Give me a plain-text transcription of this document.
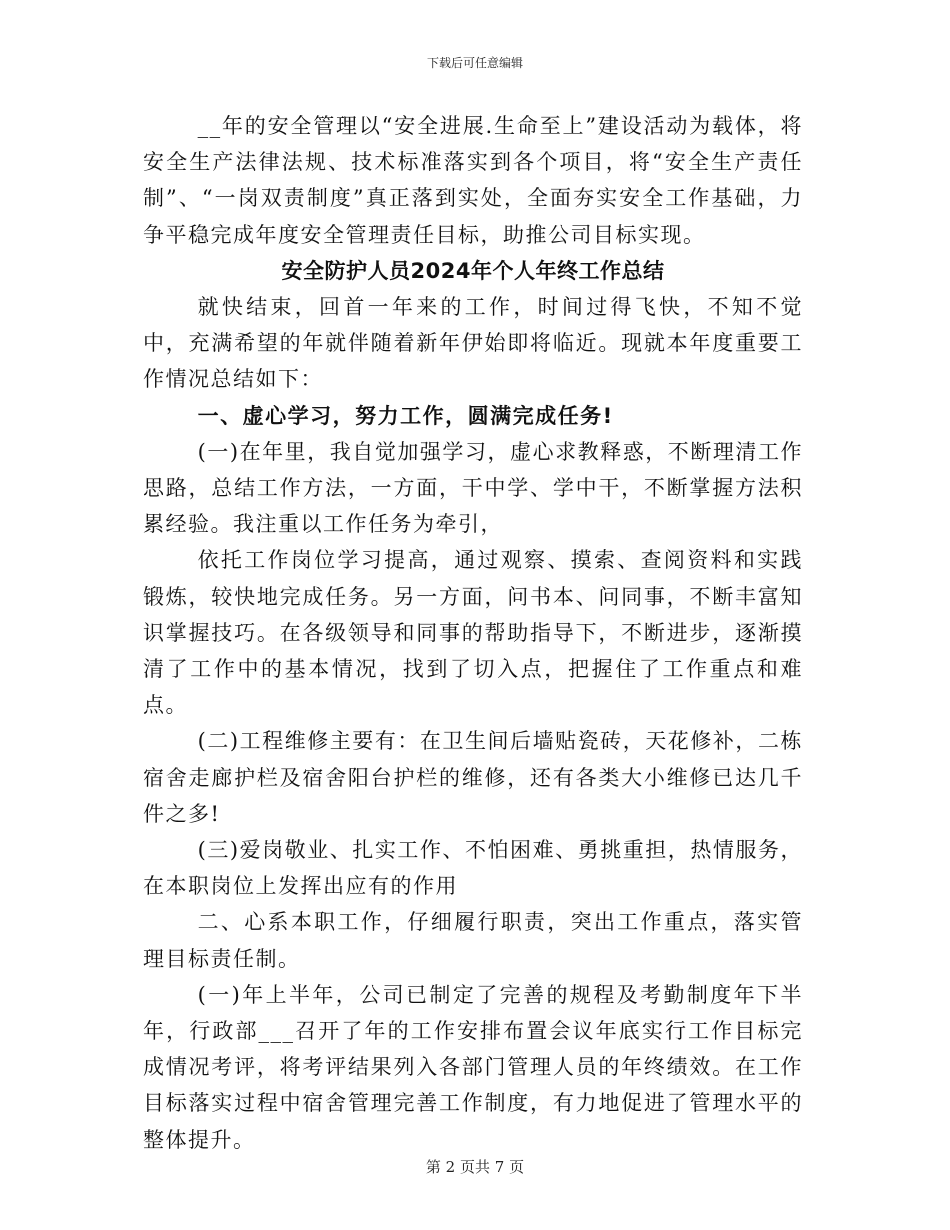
下载后可任意编辑

__年的安全管理以“安全进展.生命至上”建设活动为载体，将安全生产法律法规、技术标准落实到各个项目，将“安全生产责任制”、“一岗双责制度”真正落到实处，全面夯实安全工作基础，力争平稳完成年度安全管理责任目标，助推公司目标实现。

安全防护人员2024年个人年终工作总结

就快结束，回首一年来的工作，时间过得飞快，不知不觉中，充满希望的年就伴随着新年伊始即将临近。现就本年度重要工作情况总结如下：

一、虚心学习，努力工作，圆满完成任务!

(一)在年里，我自觉加强学习，虚心求教释惑，不断理清工作思路，总结工作方法，一方面，干中学、学中干，不断掌握方法积累经验。我注重以工作任务为牵引，

依托工作岗位学习提高，通过观察、摸索、查阅资料和实践锻炼，较快地完成任务。另一方面，问书本、问同事，不断丰富知识掌握技巧。在各级领导和同事的帮助指导下，不断进步，逐渐摸清了工作中的基本情况，找到了切入点，把握住了工作重点和难点。

(二)工程维修主要有：在卫生间后墙贴瓷砖，天花修补，二栋宿舍走廊护栏及宿舍阳台护栏的维修，还有各类大小维修已达几千件之多!

(三)爱岗敬业、扎实工作、不怕困难、勇挑重担，热情服务，在本职岗位上发挥出应有的作用

二、心系本职工作，仔细履行职责，突出工作重点，落实管理目标责任制。

(一)年上半年，公司已制定了完善的规程及考勤制度年下半年，行政部___召开了年的工作安排布置会议年底实行工作目标完成情况考评，将考评结果列入各部门管理人员的年终绩效。在工作目标落实过程中宿舍管理完善工作制度，有力地促进了管理水平的整体提升。

第 2 页共 7 页
